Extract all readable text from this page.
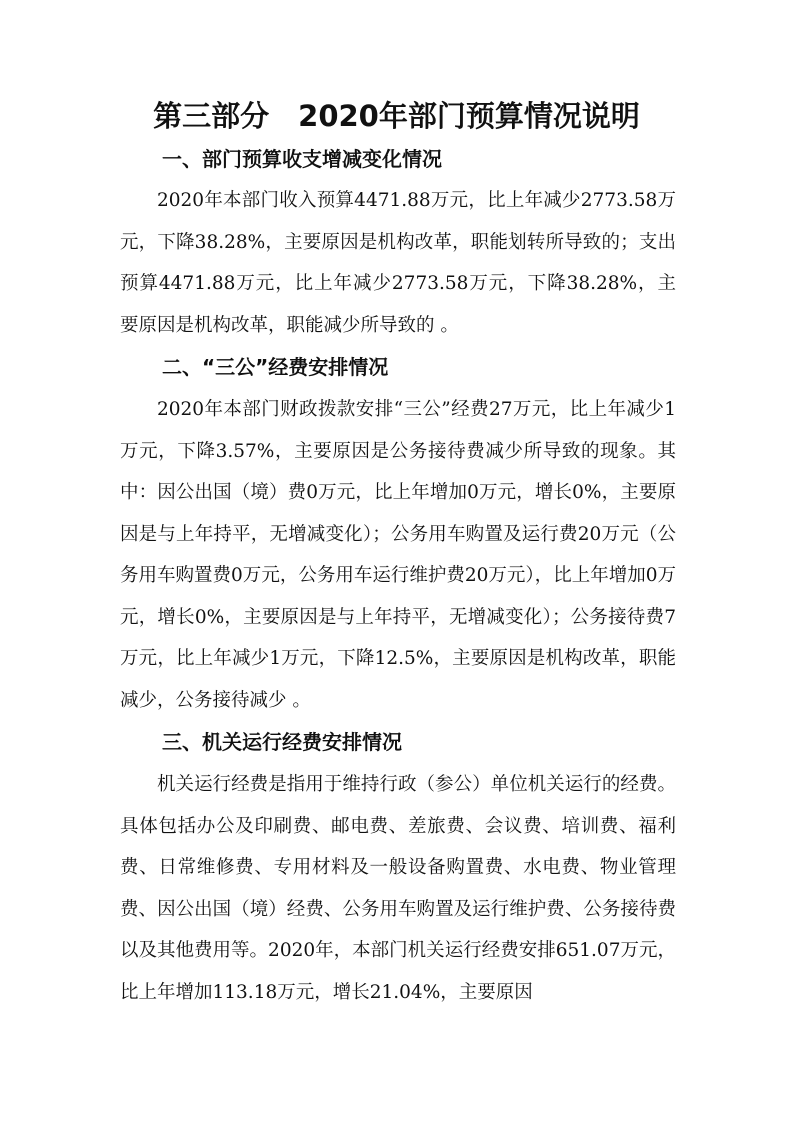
第三部分　2020年部门预算情况说明
一、部门预算收支增减变化情况

2020年本部门收入预算4471.88万元，比上年减少2773.58万元，下降38.28%，主要原因是机构改革，职能划转所导致的；支出预算4471.88万元，比上年减少2773.58万元，下降38.28%，主要原因是机构改革，职能减少所导致的 。

二、“三公”经费安排情况

2020年本部门财政拨款安排“三公”经费27万元，比上年减少1万元，下降3.57%，主要原因是公务接待费减少所导致的现象。其中：因公出国（境）费0万元，比上年增加0万元，增长0%，主要原因是与上年持平，无增减变化）；公务用车购置及运行费20万元（公务用车购置费0万元，公务用车运行维护费20万元），比上年增加0万元，增长0%，主要原因是与上年持平，无增减变化）；公务接待费7万元，比上年减少1万元，下降12.5%，主要原因是机构改革，职能减少，公务接待减少 。

三、机关运行经费安排情况

机关运行经费是指用于维持行政（参公）单位机关运行的经费。具体包括办公及印刷费、邮电费、差旅费、会议费、培训费、福利费、日常维修费、专用材料及一般设备购置费、水电费、物业管理费、因公出国（境）经费、公务用车购置及运行维护费、公务接待费以及其他费用等。2020年，本部门机关运行经费安排651.07万元，比上年增加113.18万元，增长21.04%，主要原因
